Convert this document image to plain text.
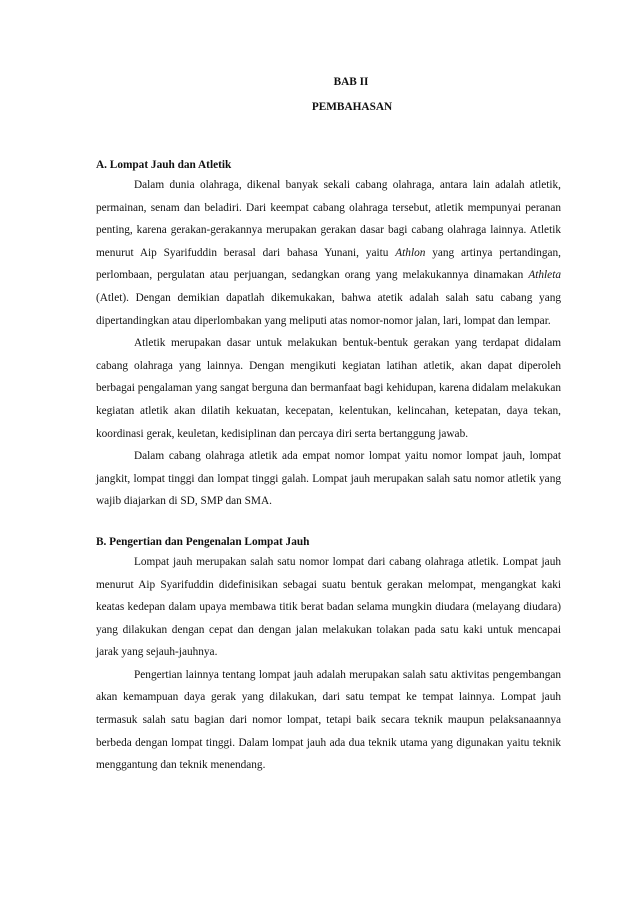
BAB II

PEMBAHASAN

A. Lompat Jauh dan Atletik

Dalam dunia olahraga, dikenal banyak sekali cabang olahraga, antara lain adalah atletik, permainan, senam dan beladiri. Dari keempat cabang olahraga tersebut, atletik mempunyai peranan penting, karena gerakan-gerakannya merupakan gerakan dasar bagi cabang olahraga lainnya. Atletik menurut Aip Syarifuddin berasal dari bahasa Yunani, yaitu Athlon yang artinya pertandingan, perlombaan, pergulatan atau perjuangan, sedangkan orang yang melakukannya dinamakan Athleta (Atlet). Dengan demikian dapatlah dikemukakan, bahwa atetik adalah salah satu cabang yang dipertandingkan atau diperlombakan yang meliputi atas nomor-nomor jalan, lari, lompat dan lempar.

Atletik merupakan dasar untuk melakukan bentuk-bentuk gerakan yang terdapat didalam cabang olahraga yang lainnya. Dengan mengikuti kegiatan latihan atletik, akan dapat diperoleh berbagai pengalaman yang sangat berguna dan bermanfaat bagi kehidupan, karena didalam melakukan kegiatan atletik akan dilatih kekuatan, kecepatan, kelentukan, kelincahan, ketepatan, daya tekan, koordinasi gerak, keuletan, kedisiplinan dan percaya diri serta bertanggung jawab.

Dalam cabang olahraga atletik ada empat nomor lompat yaitu nomor lompat jauh, lompat jangkit, lompat tinggi dan lompat tinggi galah. Lompat jauh merupakan salah satu nomor atletik yang wajib diajarkan di SD, SMP dan SMA.

B. Pengertian dan Pengenalan Lompat Jauh

Lompat jauh merupakan salah satu nomor lompat dari cabang olahraga atletik. Lompat jauh menurut Aip Syarifuddin didefinisikan sebagai suatu bentuk gerakan melompat, mengangkat kaki keatas kedepan dalam upaya membawa titik berat badan selama mungkin diudara (melayang diudara) yang dilakukan dengan cepat dan dengan jalan melakukan tolakan pada satu kaki untuk mencapai jarak yang sejauh-jauhnya.

Pengertian lainnya tentang lompat jauh adalah merupakan salah satu aktivitas pengembangan akan kemampuan daya gerak yang dilakukan, dari satu tempat ke tempat lainnya. Lompat jauh termasuk salah satu bagian dari nomor lompat, tetapi baik secara teknik maupun pelaksanaannya berbeda dengan lompat tinggi. Dalam lompat jauh ada dua teknik utama yang digunakan yaitu teknik menggantung dan teknik menendang.
